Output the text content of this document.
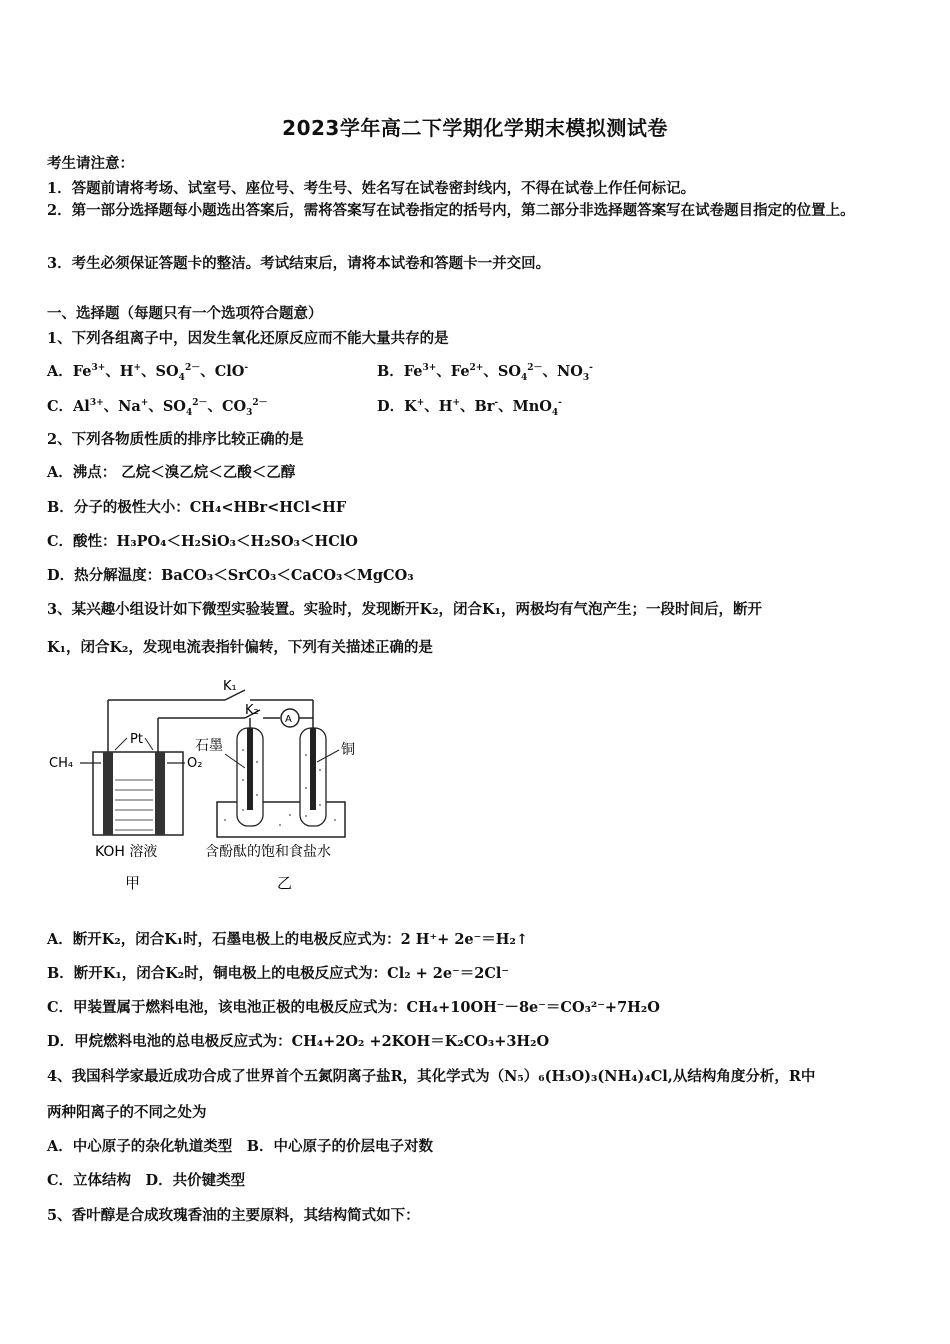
2023学年高二下学期化学期末模拟测试卷
考生请注意：
1．答题前请将考场、试室号、座位号、考生号、姓名写在试卷密封线内，不得在试卷上作任何标记。
2．第一部分选择题每小题选出答案后，需将答案写在试卷指定的括号内，第二部分非选择题答案写在试卷题目指定的位置上。
3．考生必须保证答题卡的整洁。考试结束后，请将本试卷和答题卡一并交回。
一、选择题（每题只有一个选项符合题意）
1、下列各组离子中，因发生氧化还原反应而不能大量共存的是
A．$Fe^{3+}$、H+、$SO_4^{2-}$、ClO-	B．$Fe^{3+}$、$Fe^{2+}$、$SO_4^{2-}$、$NO_3^-$
C．$Al^{3+}$、Na+、$SO_4^{2-}$、$CO_3^{2-}$	D．K+、H+、Br-、MnO$_4$-
2、下列各物质性质的排序比较正确的是
A．沸点： 乙烷＜溴乙烷＜乙酸＜乙醇
B．分子的极性大小：CH₄<HBr<HCl<HF
C．酸性：H₃PO₄＜H₂SiO₃＜H₂SO₃＜HClO
D．热分解温度：BaCO₃＜SrCO₃＜CaCO₃＜MgCO₃
3、某兴趣小组设计如下微型实验装置。实验时，发现断开K₂，闭合K₁，两极均有气泡产生；一段时间后，断开
K₁，闭合K₂，发现电流表指针偏转，下列有关描述正确的是
A
K₁
K₂
Pt
CH₄	O₂
KOH 溶液
甲
石墨	铜
含酚酞的饱和食盐水
乙
A．断开K₂，闭合K₁时，石墨电极上的电极反应式为：2 H⁺+ 2e⁻＝H₂↑
B．断开K₁，闭合K₂时，铜电极上的电极反应式为：Cl₂ + 2e⁻＝2Cl⁻
C．甲装置属于燃料电池，该电池正极的电极反应式为：CH₄+10OH⁻－8e⁻＝CO₃²⁻+7H₂O
D．甲烷燃料电池的总电极反应式为：CH₄+2O₂ +2KOH＝K₂CO₃+3H₂O
4、我国科学家最近成功合成了世界首个五氮阴离子盐R，其化学式为（N₅）₆(H₃O)₃(NH₄)₄Cl,从结构角度分析，R中
两种阳离子的不同之处为
A．中心原子的杂化轨道类型　B．中心原子的价层电子对数
C．立体结构　D．共价键类型
5、香叶醇是合成玫瑰香油的主要原料，其结构简式如下：
